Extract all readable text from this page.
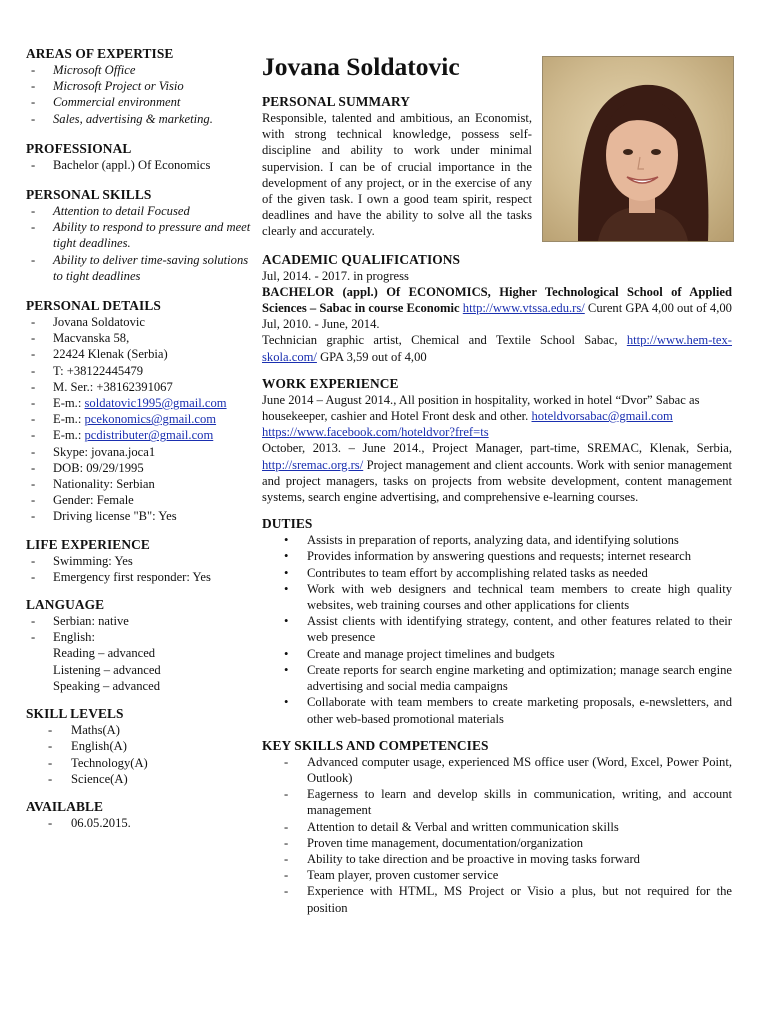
AREAS OF EXPERTISE
- Microsoft Office
- Microsoft Project or Visio
- Commercial environment
- Sales, advertising & marketing.
PROFESSIONAL
- Bachelor (appl.) Of Economics
PERSONAL SKILLS
- Attention to detail Focused
- Ability to respond to pressure and meet tight deadlines.
- Ability to deliver time-saving solutions to tight deadlines
PERSONAL DETAILS
- Jovana Soldatovic
- Macvanska 58,
- 22424 Klenak (Serbia)
- T: +38122445479
- M. Ser.: +38162391067
- E-m.: soldatovic1995@gmail.com
- E-m.: pcekonomics@gmail.com
- E-m.: pcdistributer@gmail.com
- Skype: jovana.joca1
- DOB: 09/29/1995
- Nationality: Serbian
- Gender: Female
- Driving license "B": Yes
LIFE EXPERIENCE
- Swimming: Yes
- Emergency first responder: Yes
LANGUAGE
- Serbian: native
- English:
Reading – advanced
Listening – advanced
Speaking – advanced
SKILL LEVELS
- Maths(A)
- English(A)
- Technology(A)
- Science(A)
AVAILABLE
- 06.05.2015.
Jovana Soldatovic
PERSONAL SUMMARY
Responsible, talented and ambitious, an Economist, with strong technical knowledge, possess self-discipline and ability to work under minimal supervision. I can be of crucial importance in the development of any project, or in the exercise of any of the given task. I own a good team spirit, respect deadlines and have the ability to solve all the tasks clearly and accurately.
ACADEMIC QUALIFICATIONS
Jul, 2014. - 2017. in progress
BACHELOR (appl.) Of ECONOMICS, Higher Technological School of Applied Sciences – Sabac in course Economic http://www.vtssa.edu.rs/ Curent GPA 4,00 out of 4,00
Jul, 2010. - June, 2014.
Technician graphic artist, Chemical and Textile School Sabac, http://www.hem-tex-skola.com/ GPA 3,59 out of 4,00
WORK EXPERIENCE
June 2014 – August 2014., All position in hospitality, worked in hotel “Dvor” Sabac as housekeeper, cashier and Hotel Front desk and other. hoteldvorsabac@gmail.com https://www.facebook.com/hoteldvor?fref=ts
October, 2013. – June 2014., Project Manager, part-time, SREMAC, Klenak, Serbia, http://sremac.org.rs/ Project management and client accounts. Work with senior management and project managers, tasks on projects from website development, content management systems, search engine advertising, and comprehensive e-learning courses.
DUTIES
• Assists in preparation of reports, analyzing data, and identifying solutions
• Provides information by answering questions and requests; internet research
• Contributes to team effort by accomplishing related tasks as needed
• Work with web designers and technical team members to create high quality websites, web training courses and other applications for clients
• Assist clients with identifying strategy, content, and other features related to their web presence
• Create and manage project timelines and budgets
• Create reports for search engine marketing and optimization; manage search engine advertising and social media campaigns
• Collaborate with team members to create marketing proposals, e-newsletters, and other web-based promotional materials
KEY SKILLS AND COMPETENCIES
- Advanced computer usage, experienced MS office user (Word, Excel, Power Point, Outlook)
- Eagerness to learn and develop skills in communication, writing, and account management
- Attention to detail & Verbal and written communication skills
- Proven time management, documentation/organization
- Ability to take direction and be proactive in moving tasks forward
- Team player, proven customer service
- Experience with HTML, MS Project or Visio a plus, but not required for the position
